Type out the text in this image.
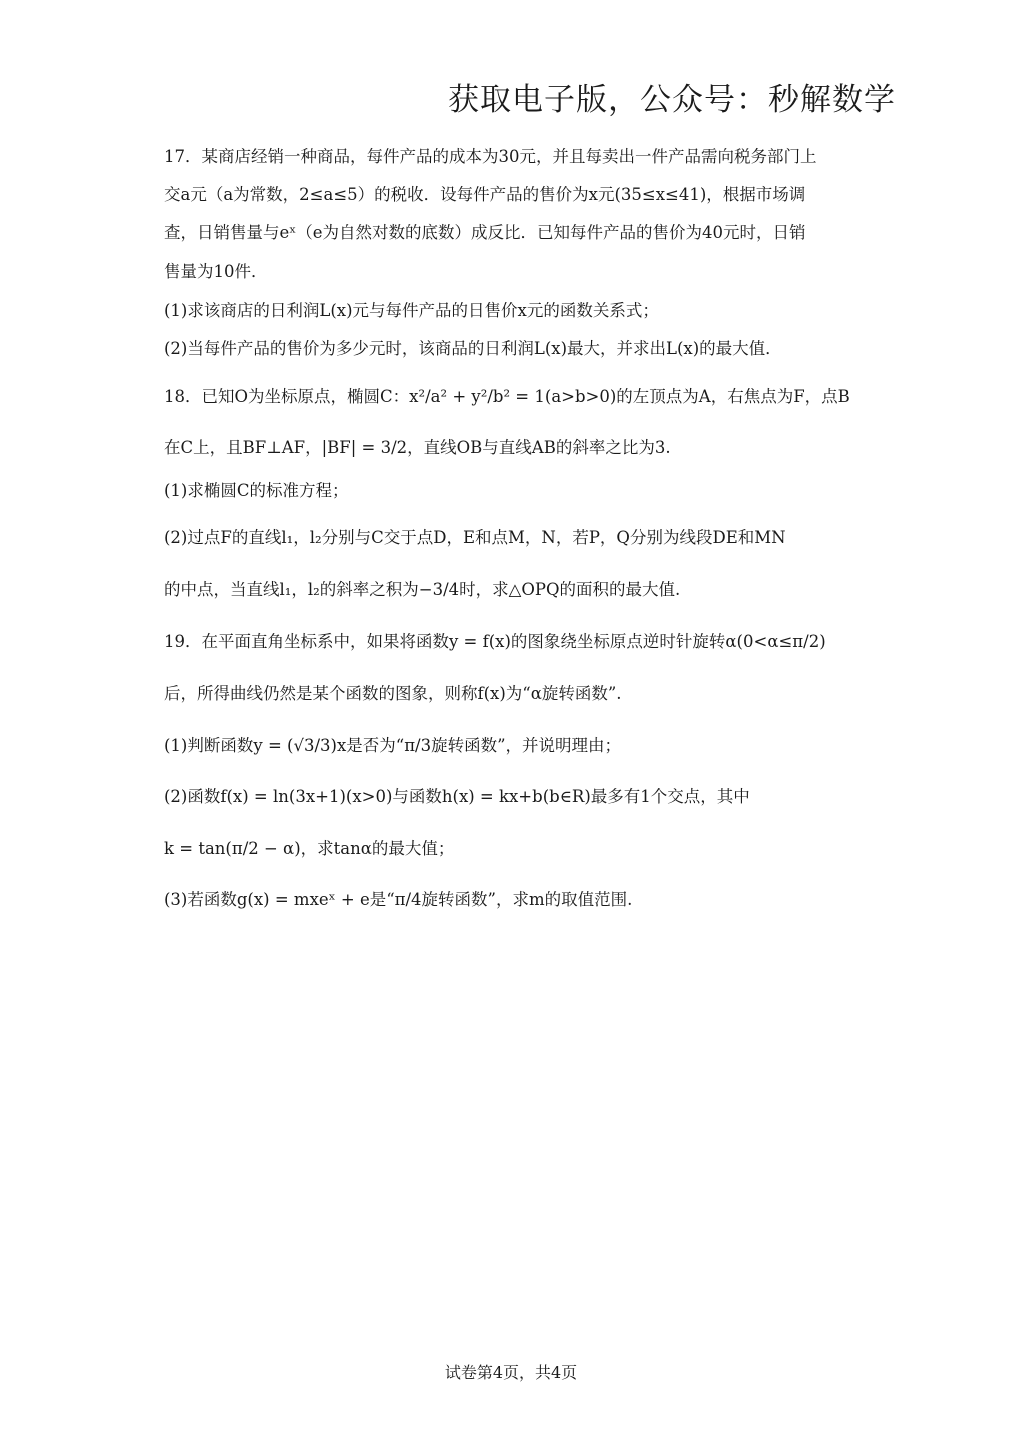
获取电子版，公众号：秒解数学
17．某商店经销一种商品，每件产品的成本为30元，并且每卖出一件产品需向税务部门上
交a元（a为常数，2≤a≤5）的税收．设每件产品的售价为x元(35≤x≤41)，根据市场调
查，日销售量与eˣ（e为自然对数的底数）成反比．已知每件产品的售价为40元时，日销
售量为10件．
(1)求该商店的日利润L(x)元与每件产品的日售价x元的函数关系式；
(2)当每件产品的售价为多少元时，该商品的日利润L(x)最大，并求出L(x)的最大值．
18．已知O为坐标原点，椭圆C：x²/a² + y²/b² = 1(a>b>0)的左顶点为A，右焦点为F，点B
在C上，且BF⊥AF，|BF| = 3/2，直线OB与直线AB的斜率之比为3.
(1)求椭圆C的标准方程；
(2)过点F的直线l₁，l₂分别与C交于点D，E和点M，N，若P，Q分别为线段DE和MN
的中点，当直线l₁，l₂的斜率之积为−3/4时，求△OPQ的面积的最大值.
19．在平面直角坐标系中，如果将函数y = f(x)的图象绕坐标原点逆时针旋转α(0<α≤π/2)
后，所得曲线仍然是某个函数的图象，则称f(x)为“α旋转函数”.
(1)判断函数y = (√3/3)x是否为“π/3旋转函数”，并说明理由；
(2)函数f(x) = ln(3x+1)(x>0)与函数h(x) = kx+b(b∈R)最多有1个交点，其中
k = tan(π/2 − α)，求tanα的最大值；
(3)若函数g(x) = mxeˣ + e是“π/4旋转函数”，求m的取值范围.
试卷第4页，共4页
